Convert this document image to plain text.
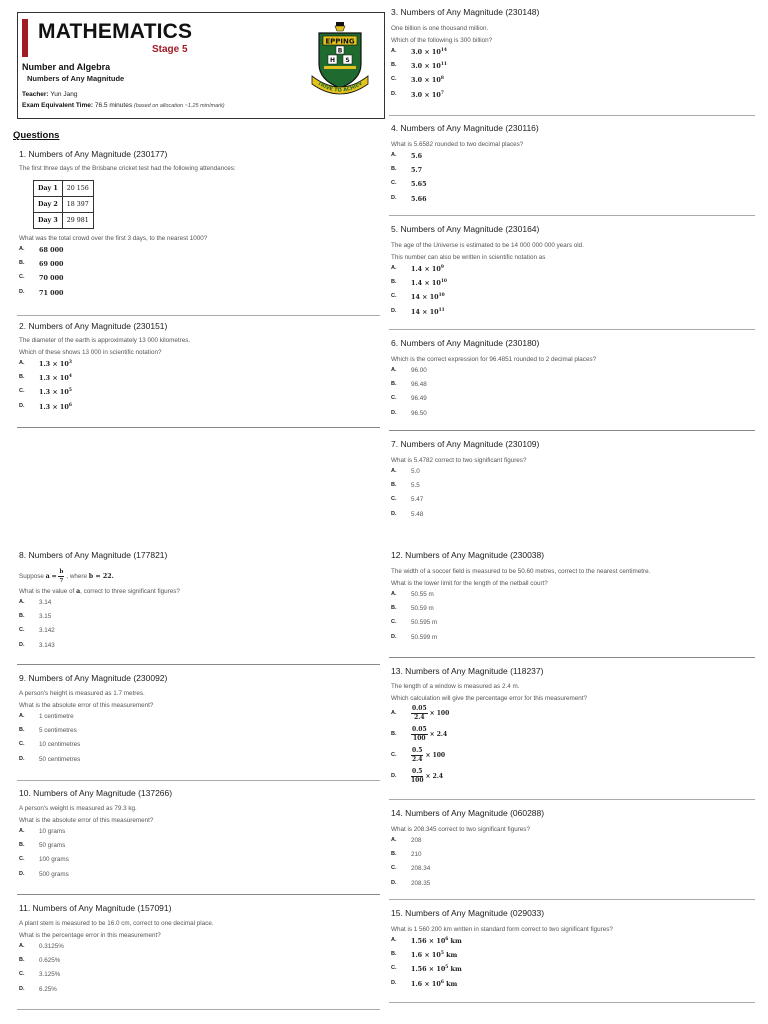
MATHEMATICS
Stage 5
Number and Algebra
Numbers of Any Magnitude
Teacher: Yun Jang
Exam Equivalent Time: 76.5 minutes (based on allocation ~1.25 min/mark)
EPPING
B
H S
TRIVE TO ACHIEV
Questions
1. Numbers of Any Magnitude (230177)
The first three days of the Brisbane cricket test had the following attendances:
Day 1	20 156
Day 2	18 397
Day 3	29 981
What was the total crowd over the first 3 days, to the nearest 1000?
A. 68 000
B. 69 000
C. 70 000
D. 71 000
2. Numbers of Any Magnitude (230151)
The diameter of the earth is approximately 13 000 kilometres.
Which of these shows 13 000 in scientific notation?
A. $1.3 \times 10^3$
B. $1.3 \times 10^4$
C. $1.3 \times 10^5$
D. $1.3 \times 10^6$
8. Numbers of Any Magnitude (177821)
Suppose
a
=
$\frac{b}{7}$ , where
b = 22.
What is the value of a, correct to three significant figures?
A. 3.14
B. 3.15
C. 3.142
D. 3.143
9. Numbers of Any Magnitude (230092)
A person's height is measured as 1.7 metres.
What is the absolute error of this measurement?
A. 1 centimetre
B. 5 centimetres
C. 10 centimetres
D. 50 centimetres
10. Numbers of Any Magnitude (137266)
A person's weight is measured as 79.3 kg.
What is the absolute error of this measurement?
A. 10 grams
B. 50 grams
C. 100 grams
D. 500 grams
11. Numbers of Any Magnitude (157091)
A plant stem is measured to be 16.0 cm, correct to one decimal place.
What is the percentage error in this measurement?
A. 0.3125%
B. 0.625%
C. 3.125%
D. 6.25%
3. Numbers of Any Magnitude (230148)
One billion is one thousand million.
Which of the following is 300 billion?
A. $3.0 \times 10^{14}$
B. $3.0 \times 10^{11}$
C. $3.0 \times 10^8$
D. $3.0 \times 10^7$
4. Numbers of Any Magnitude (230116)
What is 5.6582 rounded to two decimal places?
A. 5.6
B. 5.7
C. 5.65
D. 5.66
5. Numbers of Any Magnitude (230164)
The age of the Universe is estimated to be 14 000 000 000 years old.
This number can also be written in scientific notation as
A. $1.4 \times 10^9$
B. $1.4 \times 10^{10}$
C. $14 \times 10^{10}$
D. $14 \times 10^{11}$
6. Numbers of Any Magnitude (230180)
Which is the correct expression for 96.4851 rounded to 2 decimal places?
A. 96.00
B. 96.48
C. 96.49
D. 96.50
7. Numbers of Any Magnitude (230109)
What is 5.4782 correct to two significant figures?
A. 5.0
B. 5.5
C. 5.47
D. 5.48
12. Numbers of Any Magnitude (230038)
The width of a soccer field is measured to be 50.60 metres, correct to the nearest centimetre.
What is the lower limit for the length of the netball court?
A. 50.55 m
B. 50.59 m
C. 50.595 m
D. 50.599 m
13. Numbers of Any Magnitude (118237)
The length of a window is measured as 2.4 m.
Which calculation will give the percentage error for this measurement?
A. $\frac{0.05}{2.4} \times 100$
B. $\frac{0.05}{100} \times 2.4$
C. $\frac{0.5}{2.4} \times 100$
D. $\frac{0.5}{100} \times 2.4$
14. Numbers of Any Magnitude (060288)
What is 208.345 correct to two significant figures?
A. 208
B. 210
C. 208.34
D. 208.35
15. Numbers of Any Magnitude (029033)
What is 1 560 200 km written in standard form correct to two significant figures?
A. $1.56 \times 10^6$ km
B. $1.6 \times 10^5$ km
C. $1.56 \times 10^5$ km
D. $1.6 \times 10^6$ km
